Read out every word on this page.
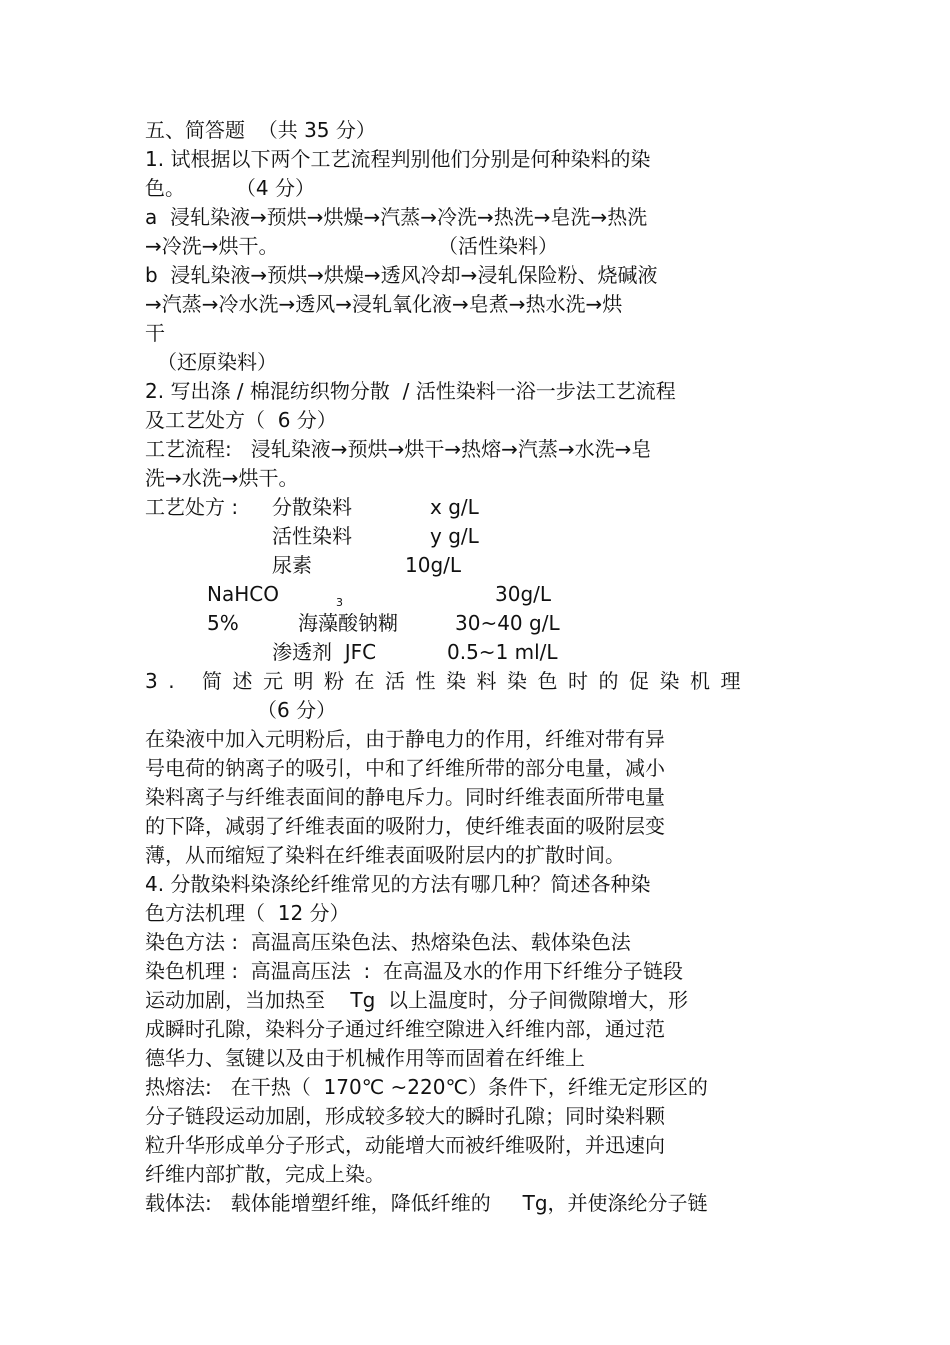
五、简答题  （共 35 分）
1. 试根据以下两个工艺流程判别他们分别是何种染料的染
色。        （4 分）
a  浸轧染液→预烘→烘燥→汽蒸→冷洗→热洗→皂洗→热洗
→冷洗→烘干。	（活性染料）
b  浸轧染液→预烘→烘燥→透风冷却→浸轧保险粉、烧碱液
→汽蒸→冷水洗→透风→浸轧氧化液→皂煮→热水洗→烘
干
（还原染料）
2. 写出涤 / 棉混纺织物分散  / 活性染料一浴一步法工艺流程
及工艺处方（  6 分）
工艺流程:   浸轧染液→预烘→烘干→热熔→汽蒸→水洗→皂
洗→水洗→烘干。
工艺处方 : 分散染料	x g/L
活性染料	y g/L
尿素	10g/L
NaHCO	$_3$	30g/L
5%	海藻酸钠糊	30~40 g/L
渗透剂  JFC	0.5~1 ml/L
3. 简述元明粉在活性染料染色时的促染机理
（6 分）
在染液中加入元明粉后，由于静电力的作用，纤维对带有异
号电荷的钠离子的吸引，中和了纤维所带的部分电量，减小
染料离子与纤维表面间的静电斥力。同时纤维表面所带电量
的下降，减弱了纤维表面的吸附力，使纤维表面的吸附层变
薄，从而缩短了染料在纤维表面吸附层内的扩散时间。
4. 分散染料染涤纶纤维常见的方法有哪几种？简述各种染
色方法机理（  12 分）
染色方法 :  高温高压染色法、热熔染色法、载体染色法
染色机理 :  高温高压法  :  在高温及水的作用下纤维分子链段
运动加剧，当加热至    Tg  以上温度时，分子间微隙增大，形
成瞬时孔隙，染料分子通过纤维空隙进入纤维内部，通过范
德华力、氢键以及由于机械作用等而固着在纤维上
热熔法:   在干热（  170℃ ~220℃）条件下，纤维无定形区的
分子链段运动加剧，形成较多较大的瞬时孔隙；同时染料颗
粒升华形成单分子形式，动能增大而被纤维吸附，并迅速向
纤维内部扩散，完成上染。
载体法:   载体能增塑纤维，降低纤维的     Tg，并使涤纶分子链
